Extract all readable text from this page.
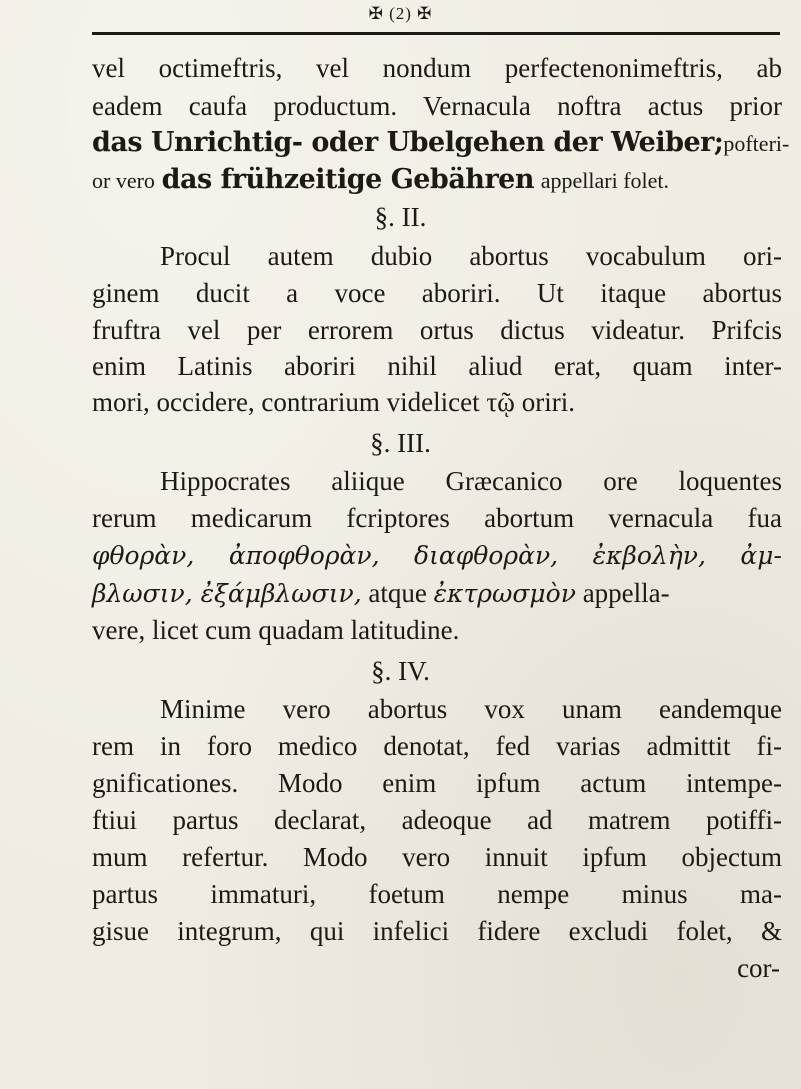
✠ (2) ✠
vel octimeftris, vel nondum perfectenonimeftris, ab
eadem caufa productum. Vernacula noftra actus prior
das Unrichtig- oder Ubelgehen der Weiber;pofteri-
or vero das frühzeitige Gebähren appellari folet.
§. II.
Procul autem dubio abortus vocabulum ori-
ginem ducit a voce aboriri. Ut itaque abortus
fruftra vel per errorem ortus dictus videatur. Prifcis
enim Latinis aboriri nihil aliud erat, quam inter-
mori, occidere, contrarium videlicet τῷ oriri.
§. III.
Hippocrates aliique Græcanico ore loquentes
rerum medicarum fcriptores abortum vernacula fua
φθορὰν, ἀποφθορὰν, διαφθορὰν, ἐκβολὴν, ἀμ-
βλωσιν, ἐξάμβλωσιν, atque ἐκτρωσμὸν appella-
vere, licet cum quadam latitudine.
§. IV.
Minime vero abortus vox unam eandemque
rem in foro medico denotat, fed varias admittit fi-
gnificationes. Modo enim ipfum actum intempe-
ftiui partus declarat, adeoque ad matrem potiffi-
mum refertur. Modo vero innuit ipfum objectum
partus immaturi, foetum nempe minus ma-
gisue integrum, qui infelici fidere excludi folet, &
cor-
